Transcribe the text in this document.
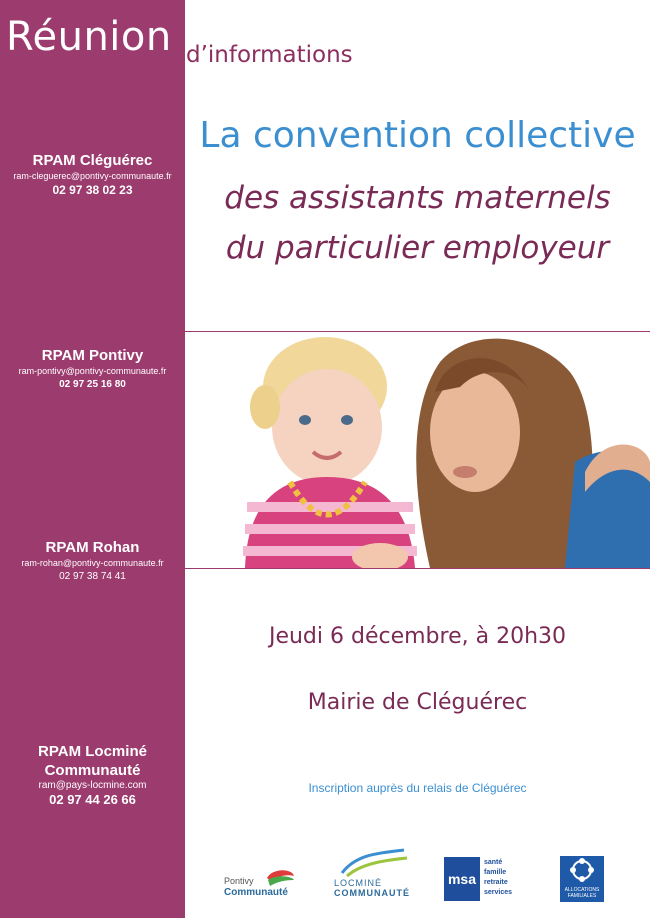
Réunion d’informations
RPAM Cléguérec
ram-cleguerec@pontivy-communaute.fr
02 97 38 02 23
RPAM Pontivy
ram-pontivy@pontivy-communaute.fr
02 97 25 16 80
RPAM Rohan
ram-rohan@pontivy-communaute.fr
02 97 38 74 41
RPAM Locminé
Communauté
ram@pays-locmine.com
02 97 44 26 66
La convention collective
des assistants maternels
du particulier employeur
Jeudi 6 décembre, à 20h30
Mairie de Cléguérec
Inscription auprès du relais de Cléguérec
Pontivy
Communauté
LOCMINÉ
COMMUNAUTÉ
msa
santé
famille
retraite
services	ALLOCATIONS FAMILIALES
